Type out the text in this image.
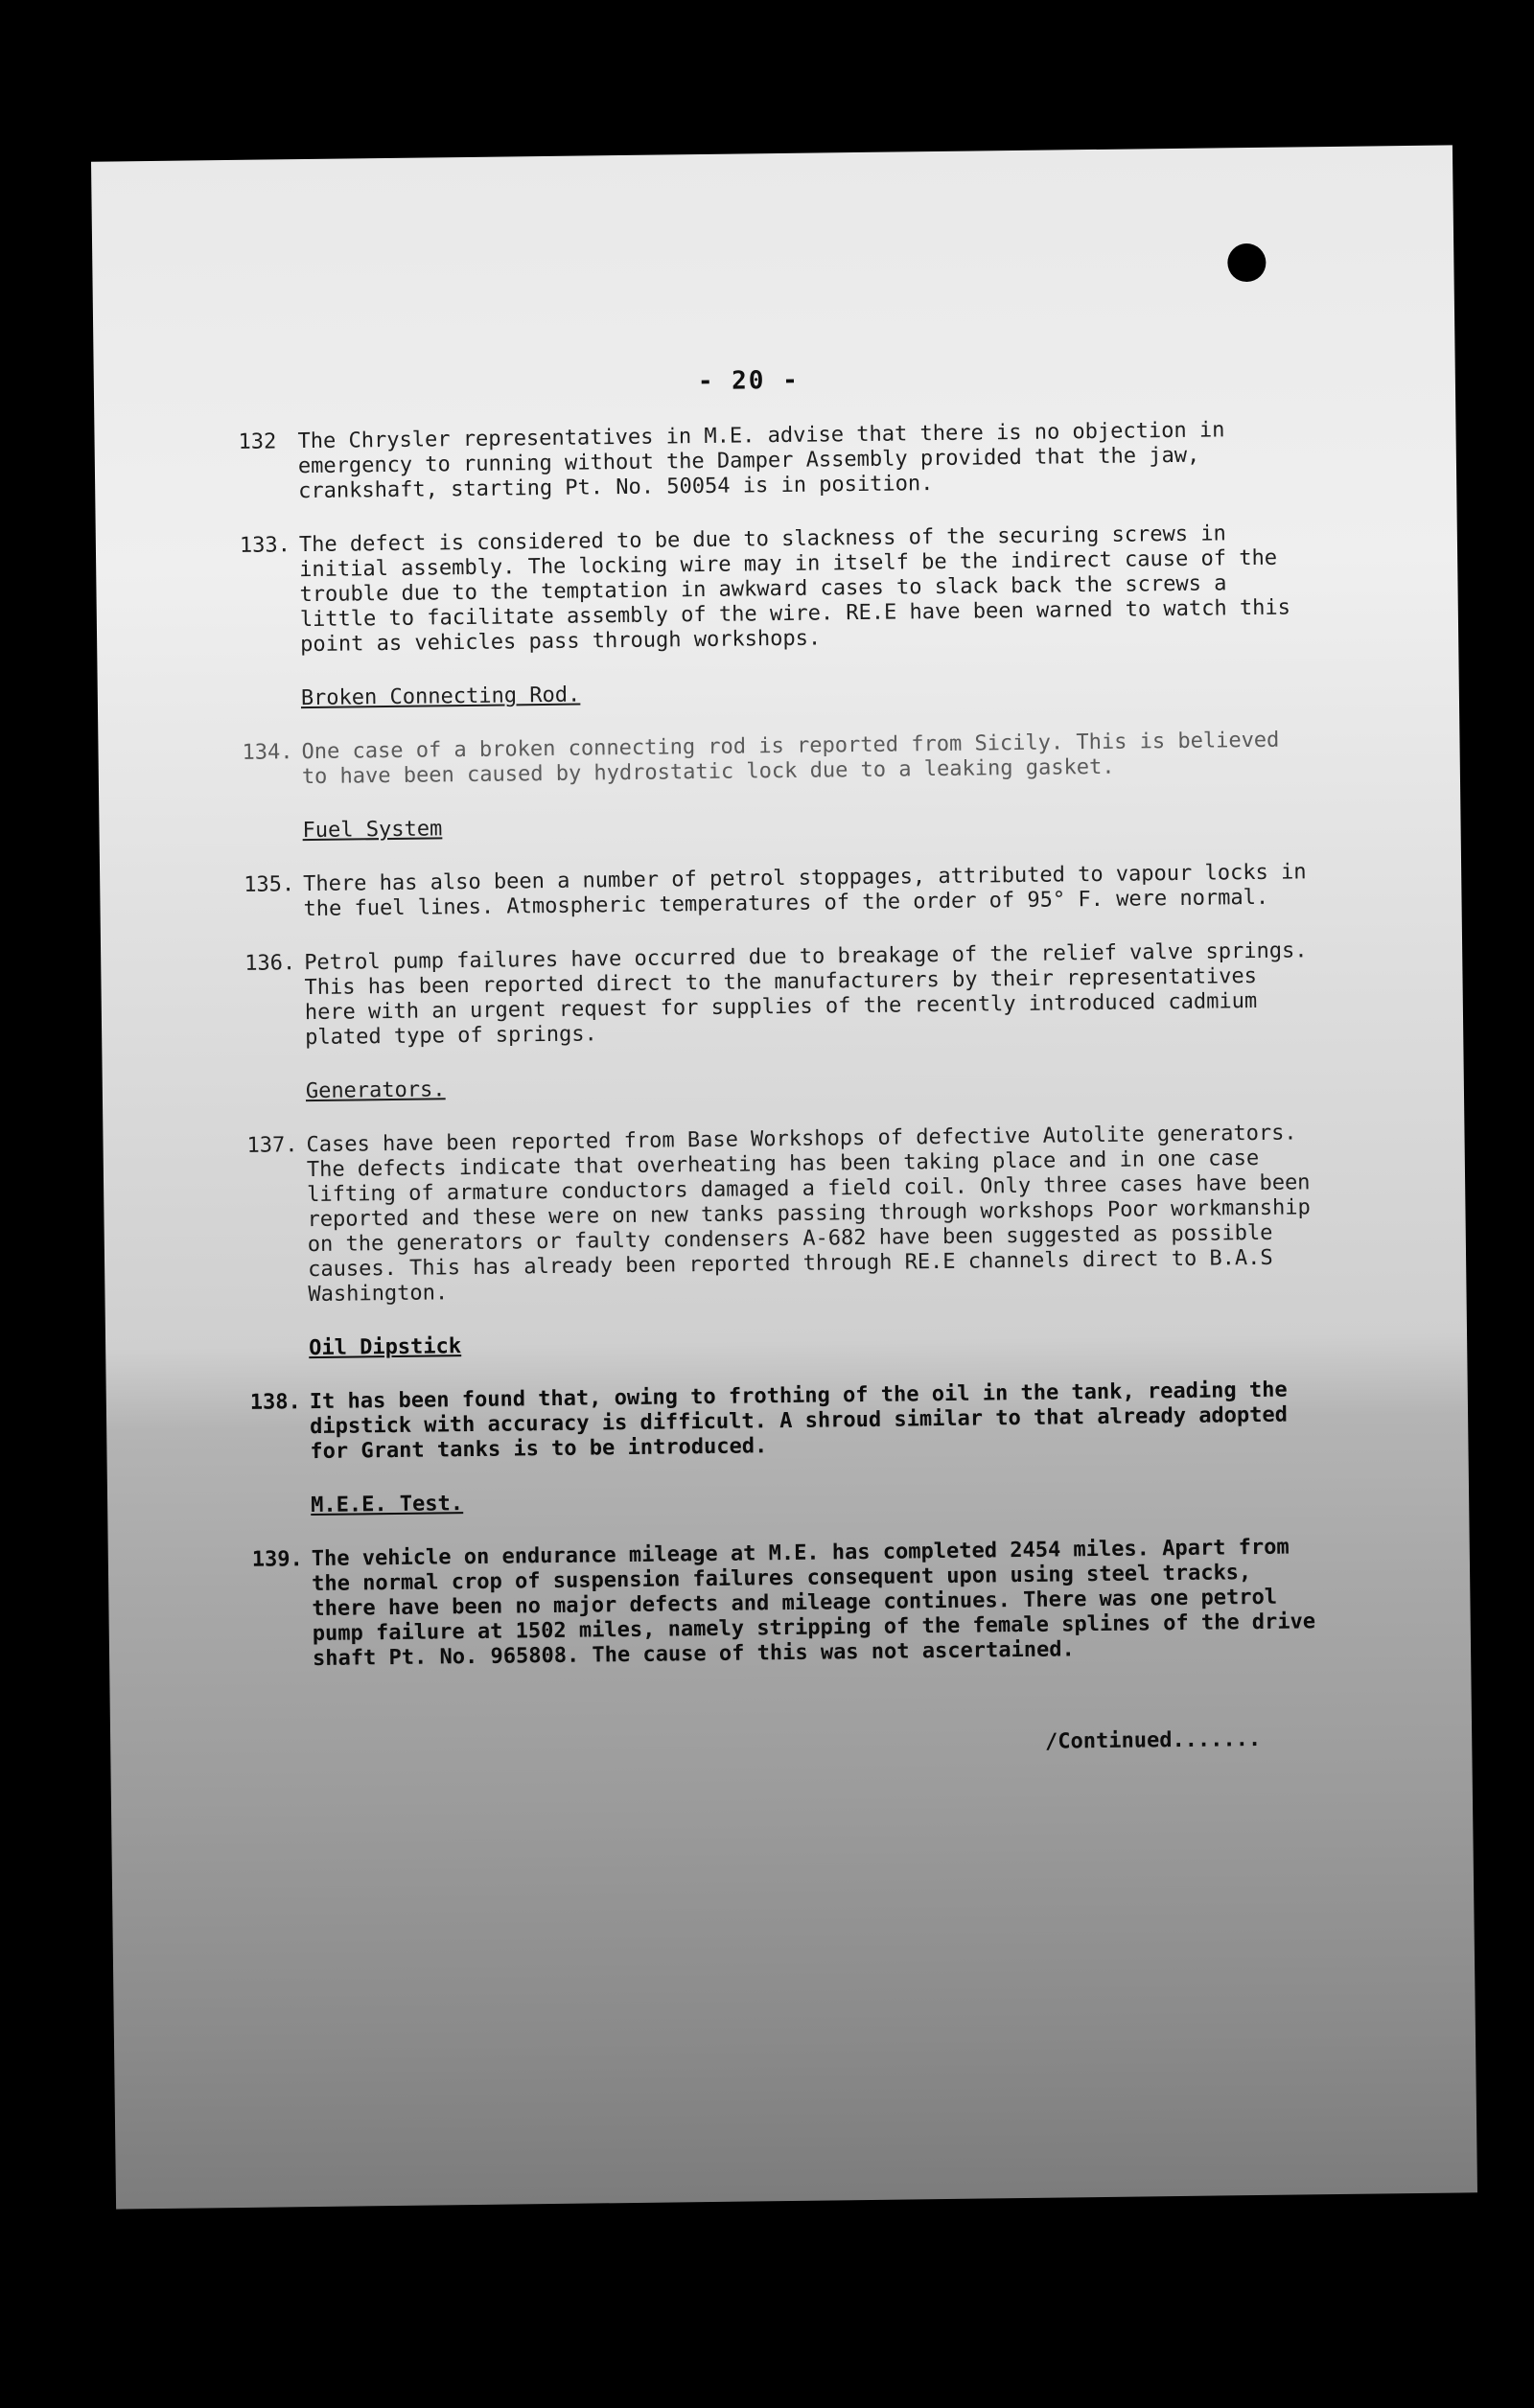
- 20 -
132 The Chrysler representatives in M.E. advise that there is no objection in emergency to running without the Damper Assembly provided that the jaw, crankshaft, starting Pt. No. 50054 is in position.
133. The defect is considered to be due to slackness of the securing screws in initial assembly. The locking wire may in itself be the indirect cause of the trouble due to the temptation in awkward cases to slack back the screws a little to facilitate assembly of the wire. RE.E have been warned to watch this point as vehicles pass through workshops.
Broken Connecting Rod.
134. One case of a broken connecting rod is reported from Sicily. This is believed to have been caused by hydrostatic lock due to a leaking gasket.
Fuel System
135. There has also been a number of petrol stoppages, attributed to vapour locks in the fuel lines. Atmospheric temperatures of the order of 95° F. were normal.
136. Petrol pump failures have occurred due to breakage of the relief valve springs. This has been reported direct to the manufacturers by their representatives here with an urgent request for supplies of the recently introduced cadmium plated type of springs.
Generators.
137. Cases have been reported from Base Workshops of defective Autolite generators. The defects indicate that overheating has been taking place and in one case lifting of armature conductors damaged a field coil. Only three cases have been reported and these were on new tanks passing through workshops Poor workmanship on the generators or faulty condensers A-682 have been suggested as possible causes. This has already been reported through RE.E channels direct to B.A.S Washington.
Oil Dipstick
138. It has been found that, owing to frothing of the oil in the tank, reading the dipstick with accuracy is difficult. A shroud similar to that already adopted for Grant tanks is to be introduced.
M.E.E. Test.
139. The vehicle on endurance mileage at M.E. has completed 2454 miles. Apart from the normal crop of suspension failures consequent upon using steel tracks, there have been no major defects and mileage continues. There was one petrol pump failure at 1502 miles, namely stripping of the female splines of the drive shaft Pt. No. 965808. The cause of this was not ascertained.
/Continued.......
